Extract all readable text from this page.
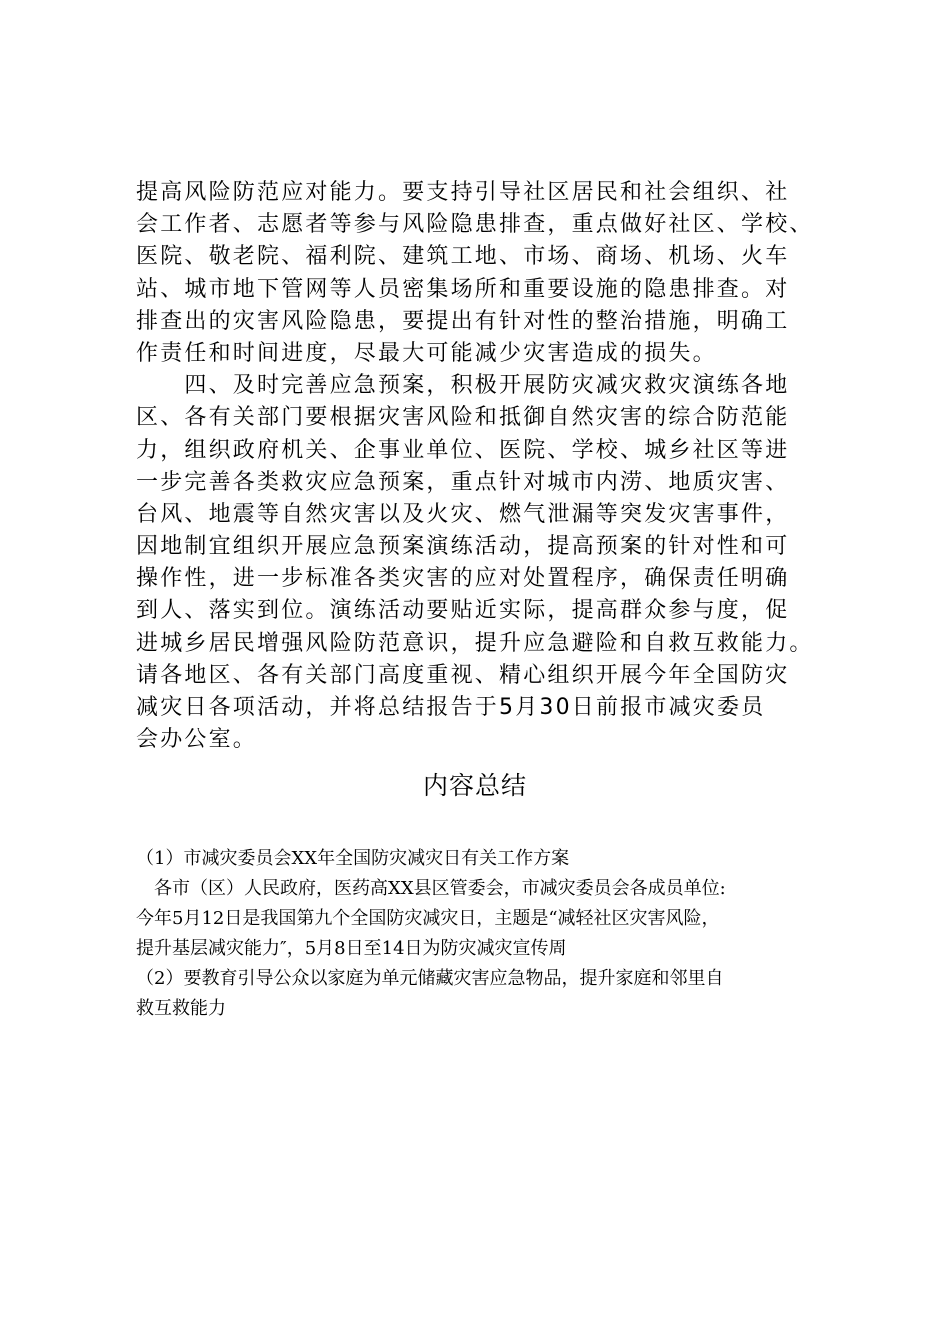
提高风险防范应对能力。要支持引导社区居民和社会组织、社
会工作者、志愿者等参与风险隐患排查，重点做好社区、学校、
医院、敬老院、福利院、建筑工地、市场、商场、机场、火车
站、城市地下管网等人员密集场所和重要设施的隐患排查。对
排查出的灾害风险隐患，要提出有针对性的整治措施，明确工
作责任和时间进度，尽最大可能减少灾害造成的损失。
　　四、及时完善应急预案，积极开展防灾减灾救灾演练各地
区、各有关部门要根据灾害风险和抵御自然灾害的综合防范能
力，组织政府机关、企事业单位、医院、学校、城乡社区等进
一步完善各类救灾应急预案，重点针对城市内涝、地质灾害、
台风、地震等自然灾害以及火灾、燃气泄漏等突发灾害事件，
因地制宜组织开展应急预案演练活动，提高预案的针对性和可
操作性，进一步标准各类灾害的应对处置程序，确保责任明确
到人、落实到位。演练活动要贴近实际，提高群众参与度，促
进城乡居民增强风险防范意识，提升应急避险和自救互救能力。
请各地区、各有关部门高度重视、精心组织开展今年全国防灾
减灾日各项活动，并将总结报告于5月30日前报市减灾委员
会办公室。
内容总结
（1）市减灾委员会XX年全国防灾减灾日有关工作方案
　各市（区）人民政府，医药高XX县区管委会，市减灾委员会各成员单位:
今年5月12日是我国第九个全国防灾减灾日，主题是“减轻社区灾害风险，
提升基层减灾能力″，5月8日至14日为防灾减灾宣传周
（2）要教育引导公众以家庭为单元储藏灾害应急物品，提升家庭和邻里自
救互救能力
